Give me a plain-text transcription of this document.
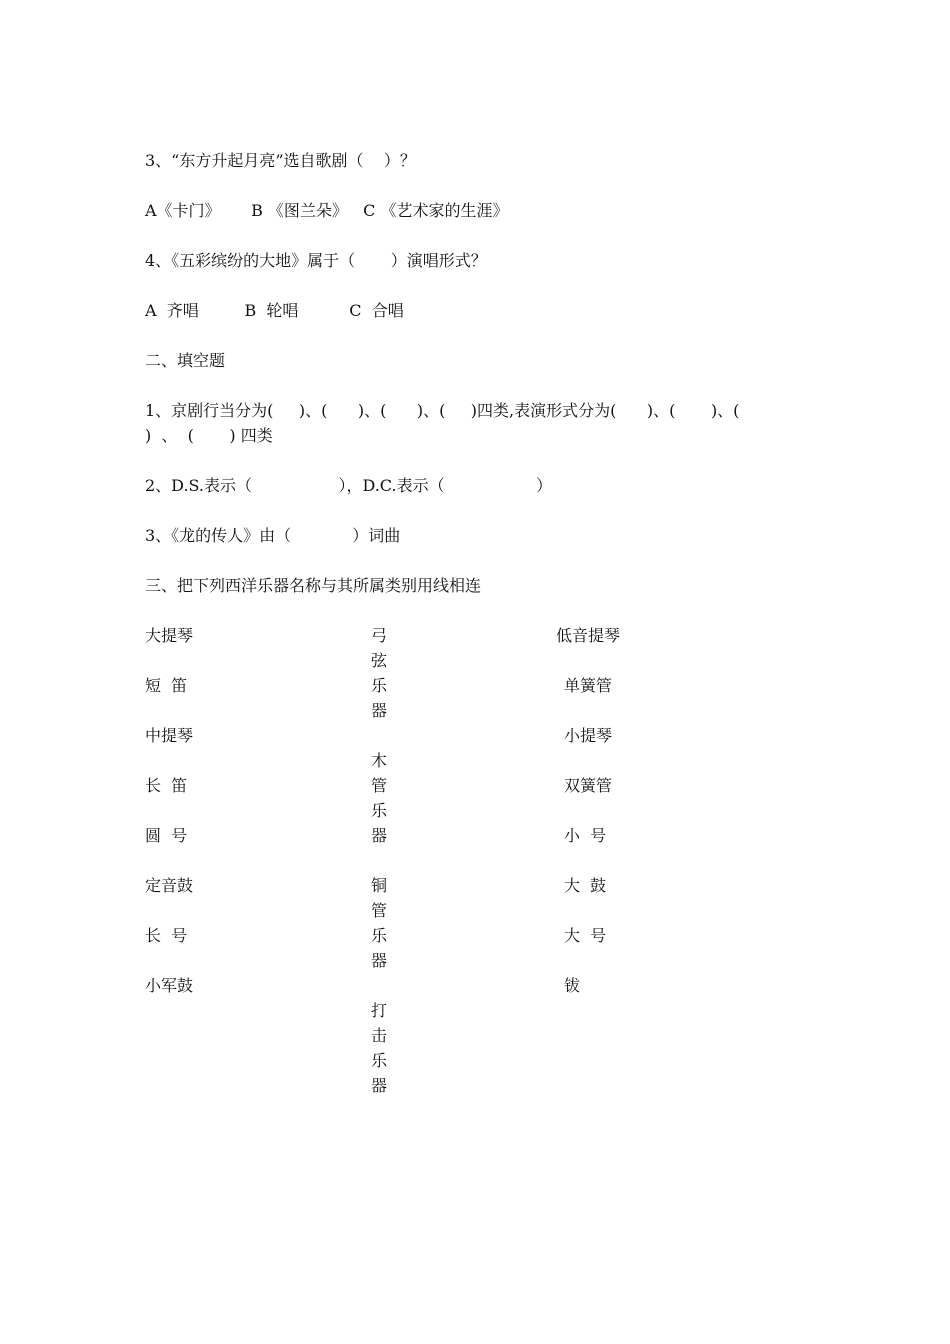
3、“东方升起月亮”选自歌剧（    ）？
A《卡门》      B 《图兰朵》   C 《艺术家的生涯》
4、《五彩缤纷的大地》属于（       ）演唱形式？
A  齐唱         B  轮唱          C  合唱
二、填空题
1、京剧行当分为(     )、(      )、(      )、(     )四类,表演形式分为(      )、(       )、(
)  、  (       ) 四类
2、D.S.表示（                 ），D.C.表示（                  ）
3、《龙的传人》由（            ）词曲
三、把下列西洋乐器名称与其所属类别用线相连
大提琴
短  笛
中提琴
长  笛
圆  号
定音鼓
长  号
小军鼓
弓
弦
乐
器
木
管
乐
器
铜
管
乐
器
打
击
乐
器
低音提琴
单簧管
小提琴
双簧管
小  号
大  鼓
大  号
钹
